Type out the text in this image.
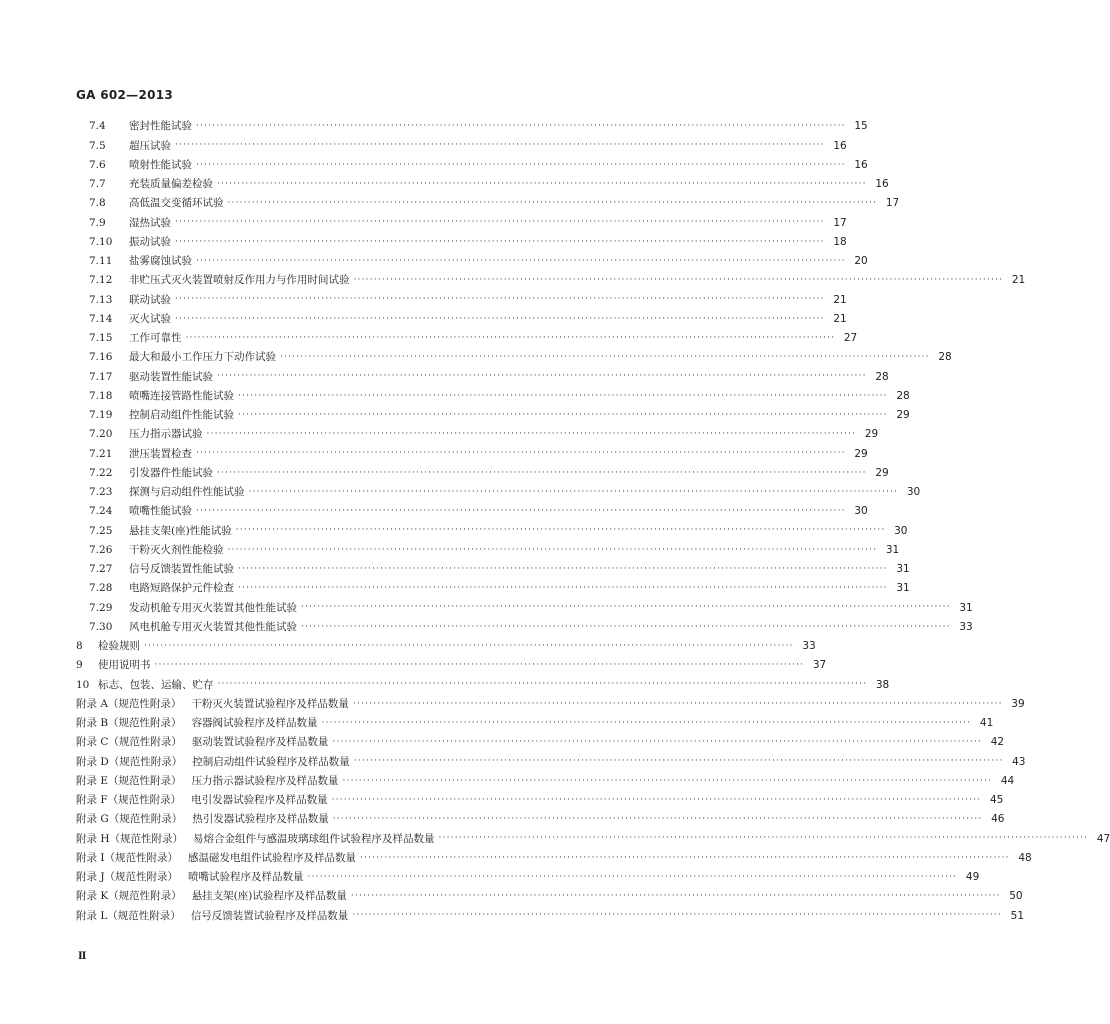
GA 602—2013
7.4	密封性能试验 ································································································································································ 15
7.5	超压试验 ································································································································································ 16
7.6	喷射性能试验 ································································································································································ 16
7.7	充装质量偏差检验 ································································································································································ 16
7.8	高低温交变循环试验 ································································································································································ 17
7.9	湿热试验 ································································································································································ 17
7.10	振动试验 ································································································································································ 18
7.11	盐雾腐蚀试验 ································································································································································ 20
7.12	非贮压式灭火装置喷射反作用力与作用时间试验 ································································································································································ 21
7.13	联动试验 ································································································································································ 21
7.14	灭火试验 ································································································································································ 21
7.15	工作可靠性 ································································································································································ 27
7.16	最大和最小工作压力下动作试验 ································································································································································ 28
7.17	驱动装置性能试验 ································································································································································ 28
7.18	喷嘴连接管路性能试验 ································································································································································ 28
7.19	控制启动组件性能试验 ································································································································································ 29
7.20	压力指示器试验 ································································································································································ 29
7.21	泄压装置检查 ································································································································································ 29
7.22	引发器件性能试验 ································································································································································ 29
7.23	探测与启动组件性能试验 ································································································································································ 30
7.24	喷嘴性能试验 ································································································································································ 30
7.25	悬挂支架(座)性能试验 ································································································································································ 30
7.26	干粉灭火剂性能检验 ································································································································································ 31
7.27	信号反馈装置性能试验 ································································································································································ 31
7.28	电路短路保护元件检查 ································································································································································ 31
7.29	发动机舱专用灭火装置其他性能试验 ································································································································································ 31
7.30	风电机舱专用灭火装置其他性能试验 ································································································································································ 33
8	检验规则 ································································································································································ 33
9	使用说明书 ································································································································································ 37
10 标志、包装、运输、贮存 ································································································································································ 38
附录 A（规范性附录） 干粉灭火装置试验程序及样品数量 ································································································································································ 39
附录 B（规范性附录） 容器阀试验程序及样品数量 ································································································································································ 41
附录 C（规范性附录） 驱动装置试验程序及样品数量 ································································································································································ 42
附录 D（规范性附录） 控制启动组件试验程序及样品数量 ································································································································································ 43
附录 E（规范性附录） 压力指示器试验程序及样品数量 ································································································································································ 44
附录 F（规范性附录） 电引发器试验程序及样品数量 ································································································································································ 45
附录 G（规范性附录） 热引发器试验程序及样品数量 ································································································································································ 46
附录 H（规范性附录） 易熔合金组件与感温玻璃球组件试验程序及样品数量 ································································································································································ 47
附录 I（规范性附录） 感温磁发电组件试验程序及样品数量 ································································································································································ 48
附录 J（规范性附录） 喷嘴试验程序及样品数量 ································································································································································ 49
附录 K（规范性附录） 悬挂支架(座)试验程序及样品数量 ································································································································································ 50
附录 L（规范性附录） 信号反馈装置试验程序及样品数量 ································································································································································ 51
Ⅱ
